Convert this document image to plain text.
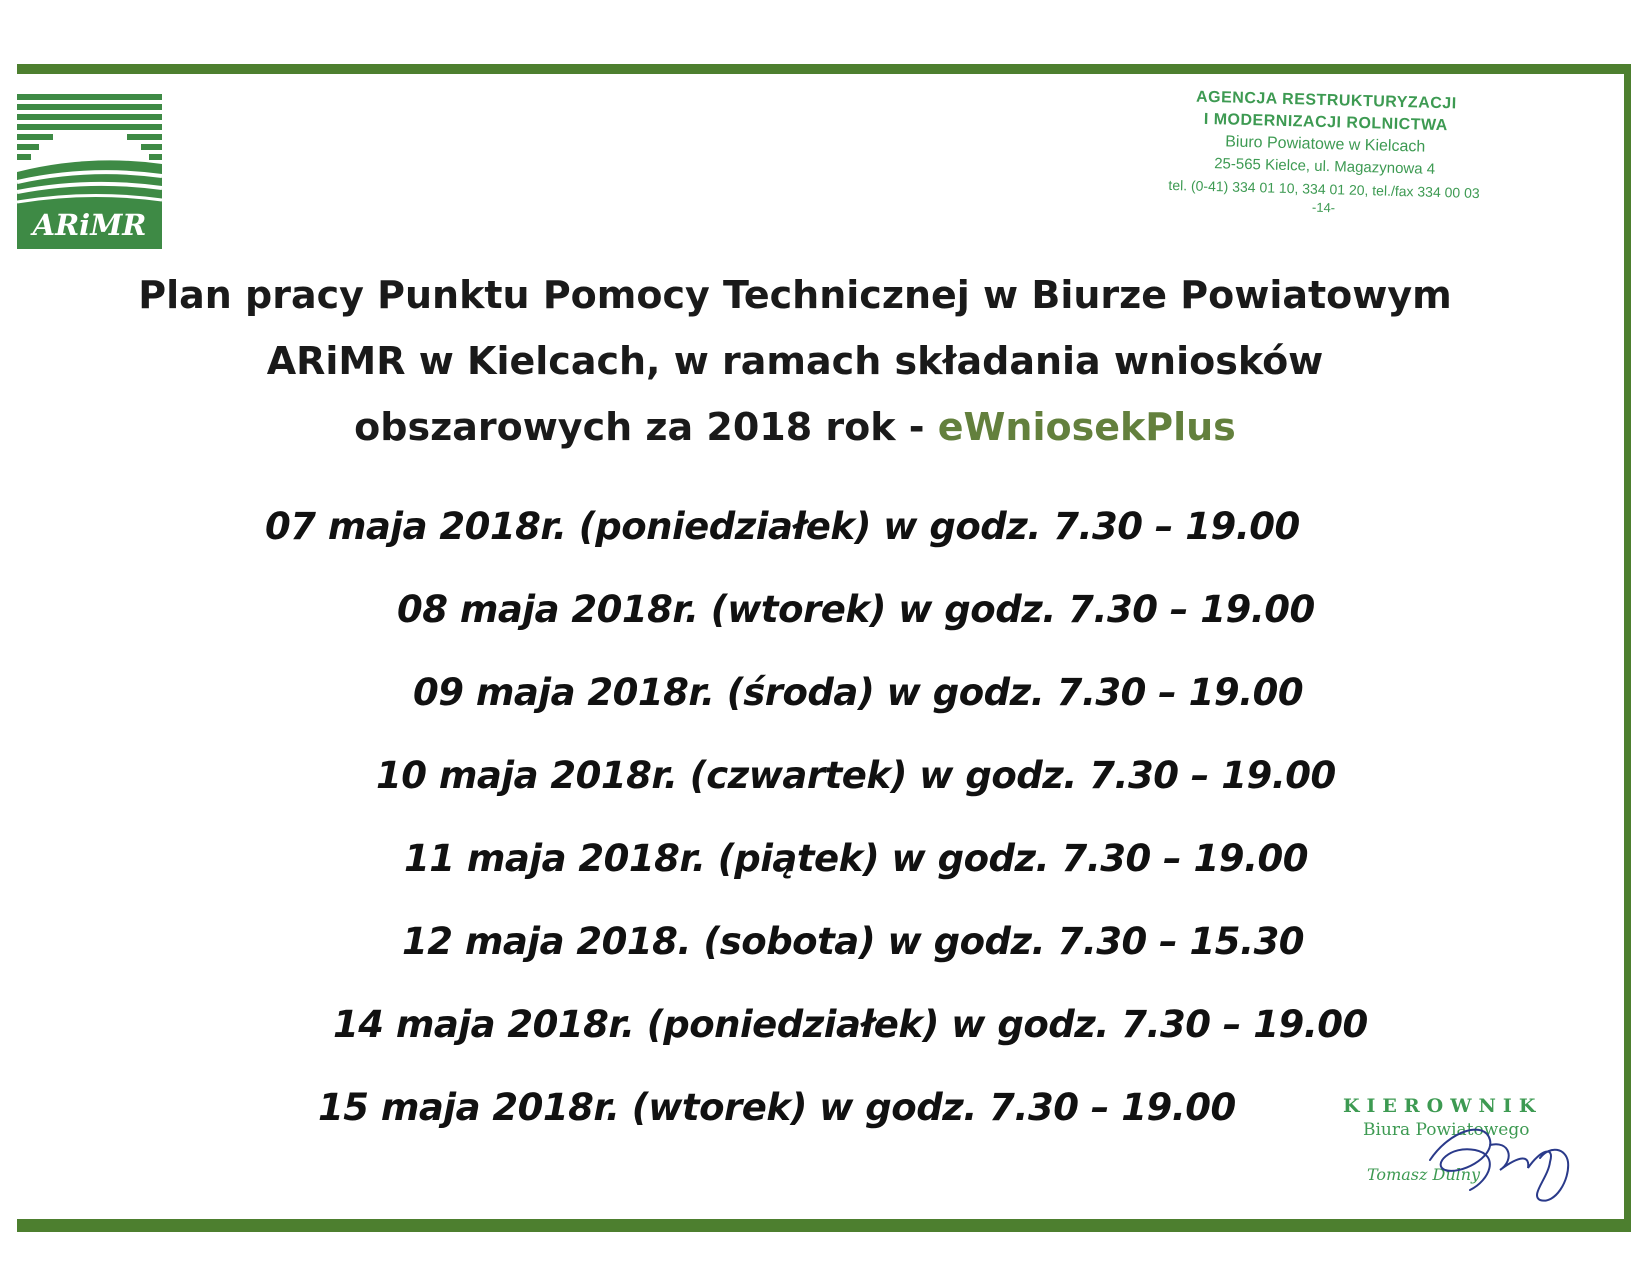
ARiMR
AGENCJA RESTRUKTURYZACJI
I MODERNIZACJI ROLNICTWA
Biuro Powiatowe w Kielcach
25-565 Kielce, ul. Magazynowa 4
tel. (0-41) 334 01 10, 334 01 20, tel./fax 334 00 03
-14-
Plan pracy Punktu Pomocy Technicznej w Biurze Powiatowym
ARiMR w Kielcach, w ramach składania wniosków
obszarowych za 2018 rok - eWniosekPlus
07 maja 2018r. (poniedziałek) w godz. 7.30 – 19.00
08 maja 2018r. (wtorek) w godz. 7.30 – 19.00
09 maja 2018r. (środa) w godz. 7.30 – 19.00
10 maja 2018r. (czwartek) w godz. 7.30 – 19.00
11 maja 2018r. (piątek) w godz. 7.30 – 19.00
12 maja 2018. (sobota) w godz. 7.30 – 15.30
14 maja 2018r. (poniedziałek) w godz. 7.30 – 19.00
15 maja 2018r. (wtorek) w godz. 7.30 – 19.00	KIEROWNIK
Biura Powiatowego
Tomasz Dulny
